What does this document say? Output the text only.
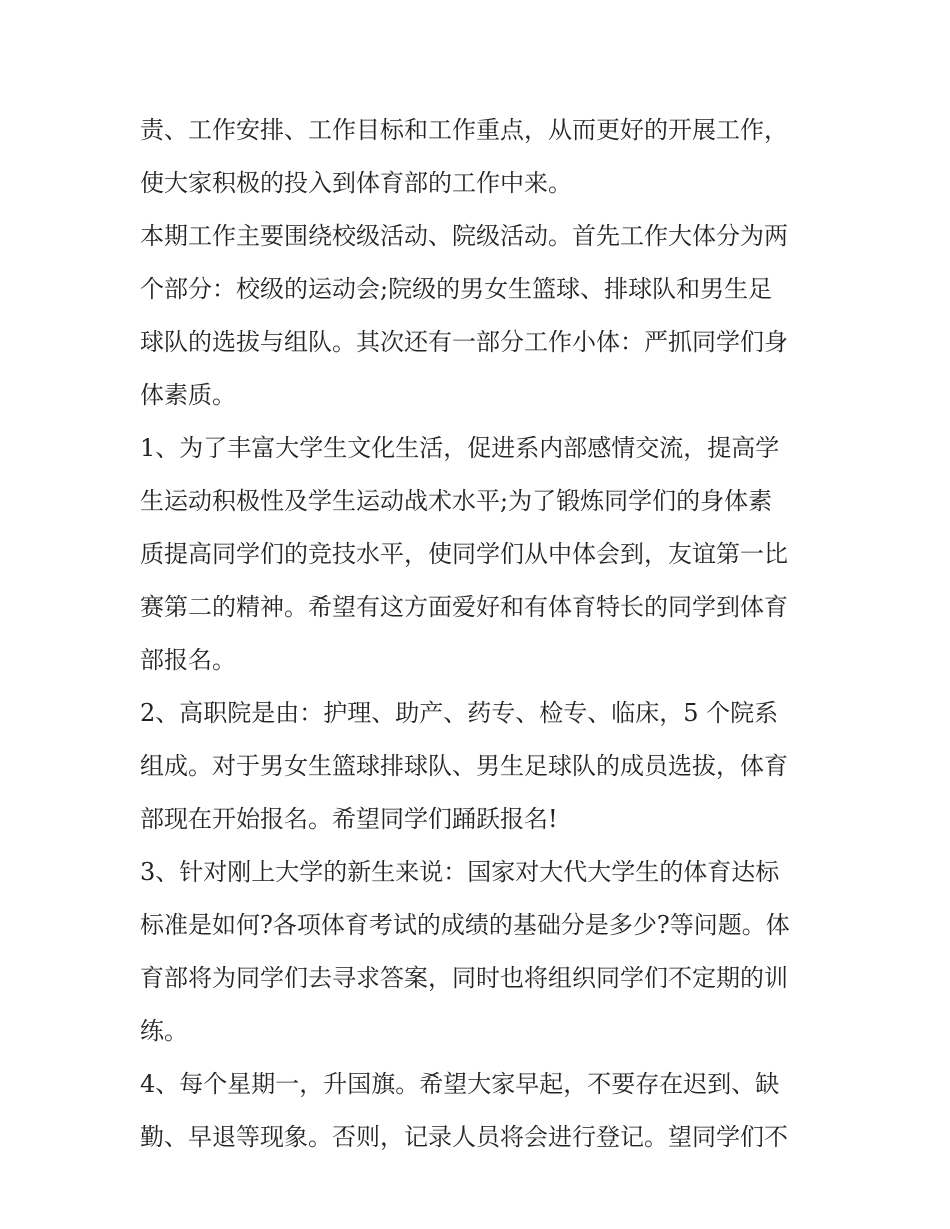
责、工作安排、工作目标和工作重点，从而更好的开展工作，
使大家积极的投入到体育部的工作中来。
本期工作主要围绕校级活动、院级活动。首先工作大体分为两
个部分：校级的运动会;院级的男女生篮球、排球队和男生足
球队的选拔与组队。其次还有一部分工作小体：严抓同学们身
体素质。
1、为了丰富大学生文化生活，促进系内部感情交流，提高学
生运动积极性及学生运动战术水平;为了锻炼同学们的身体素
质提高同学们的竞技水平，使同学们从中体会到，友谊第一比
赛第二的精神。希望有这方面爱好和有体育特长的同学到体育
部报名。
2、高职院是由：护理、助产、药专、检专、临床，5 个院系
组成。对于男女生篮球排球队、男生足球队的成员选拔，体育
部现在开始报名。希望同学们踊跃报名!
3、针对刚上大学的新生来说：国家对大代大学生的体育达标
标准是如何?各项体育考试的成绩的基础分是多少?等问题。体
育部将为同学们去寻求答案，同时也将组织同学们不定期的训
练。
4、每个星期一，升国旗。希望大家早起，不要存在迟到、缺
勤、早退等现象。否则，记录人员将会进行登记。望同学们不
